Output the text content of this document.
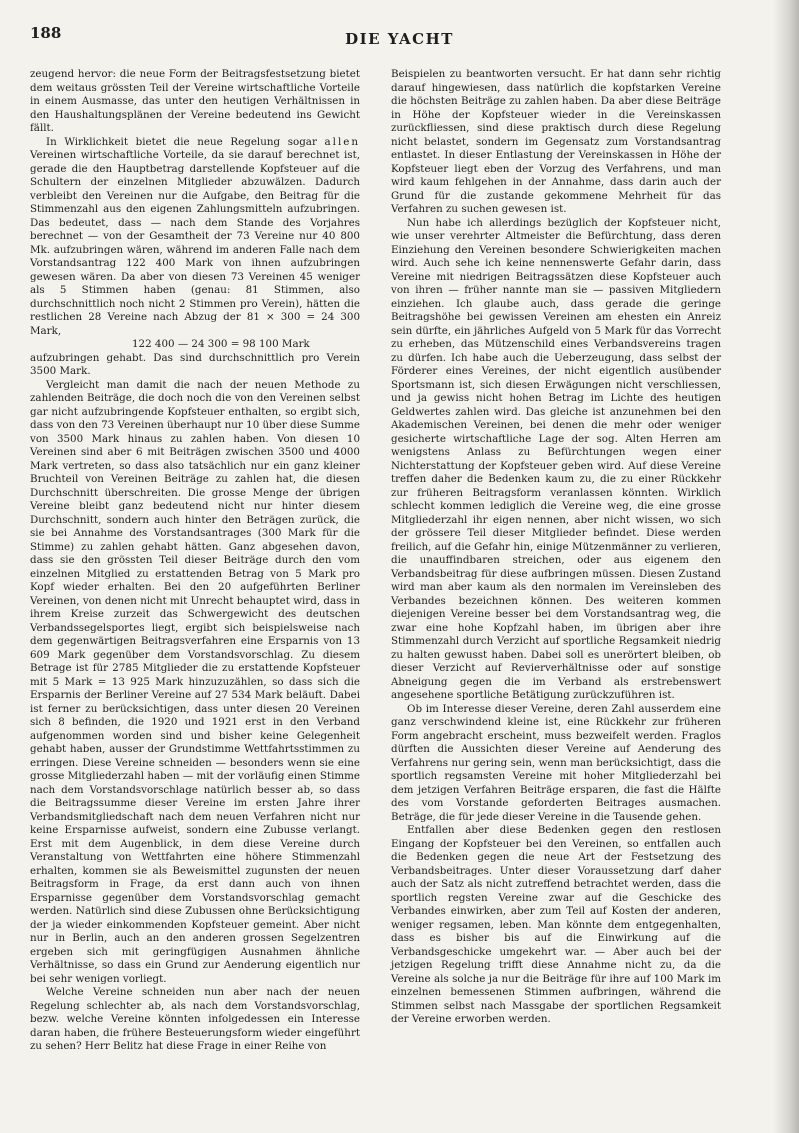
188	DIE YACHT

zeugend hervor: die neue Form der Beitragsfestsetzung bietet dem weitaus grössten Teil der Vereine wirtschaftliche Vorteile in einem Ausmasse, das unter den heutigen Verhältnissen in den Haushaltungsplänen der Vereine bedeutend ins Gewicht fällt.

In Wirklichkeit bietet die neue Regelung sogar allen Vereinen wirtschaftliche Vorteile, da sie darauf berechnet ist, gerade die den Hauptbetrag darstellende Kopfsteuer auf die Schultern der einzelnen Mitglieder abzuwälzen. Dadurch verbleibt den Vereinen nur die Aufgabe, den Beitrag für die Stimmenzahl aus den eigenen Zahlungsmitteln aufzubringen. Das bedeutet, dass — nach dem Stande des Vorjahres berechnet — von der Gesamtheit der 73 Vereine nur 40 800 Mk. aufzubringen wären, während im anderen Falle nach dem Vorstandsantrag 122 400 Mark von ihnen aufzubringen gewesen wären. Da aber von diesen 73 Vereinen 45 weniger als 5 Stimmen haben (genau: 81 Stimmen, also durchschnittlich noch nicht 2 Stimmen pro Verein), hätten die restlichen 28 Vereine nach Abzug der 81 × 300 = 24 300 Mark,

122 400 — 24 300 = 98 100 Mark

aufzubringen gehabt. Das sind durchschnittlich pro Verein 3500 Mark.

Vergleicht man damit die nach der neuen Methode zu zahlenden Beiträge, die doch noch die von den Vereinen selbst gar nicht aufzubringende Kopfsteuer enthalten, so ergibt sich, dass von den 73 Vereinen überhaupt nur 10 über diese Summe von 3500 Mark hinaus zu zahlen haben. Von diesen 10 Vereinen sind aber 6 mit Beiträgen zwischen 3500 und 4000 Mark vertreten, so dass also tatsächlich nur ein ganz kleiner Bruchteil von Vereinen Beiträge zu zahlen hat, die diesen Durchschnitt überschreiten. Die grosse Menge der übrigen Vereine bleibt ganz bedeutend nicht nur hinter diesem Durchschnitt, sondern auch hinter den Beträgen zurück, die sie bei Annahme des Vorstandsantrages (300 Mark für die Stimme) zu zahlen gehabt hätten. Ganz abgesehen davon, dass sie den grössten Teil dieser Beiträge durch den vom einzelnen Mitglied zu erstattenden Betrag von 5 Mark pro Kopf wieder erhalten. Bei den 20 aufgeführten Berliner Vereinen, von denen nicht mit Unrecht behauptet wird, dass in ihrem Kreise zurzeit das Schwergewicht des deutschen Verbandssegelsportes liegt, ergibt sich beispielsweise nach dem gegenwärtigen Beitragsverfahren eine Ersparnis von 13 609 Mark gegenüber dem Vorstandsvorschlag. Zu diesem Betrage ist für 2785 Mitglieder die zu erstattende Kopfsteuer mit 5 Mark = 13 925 Mark hinzuzuzählen, so dass sich die Ersparnis der Berliner Vereine auf 27 534 Mark beläuft. Dabei ist ferner zu berücksichtigen, dass unter diesen 20 Vereinen sich 8 befinden, die 1920 und 1921 erst in den Verband aufgenommen worden sind und bisher keine Gelegenheit gehabt haben, ausser der Grundstimme Wettfahrtsstimmen zu erringen. Diese Vereine schneiden — besonders wenn sie eine grosse Mitgliederzahl haben — mit der vorläufig einen Stimme nach dem Vorstandsvorschlage natürlich besser ab, so dass die Beitragssumme dieser Vereine im ersten Jahre ihrer Verbandsmitgliedschaft nach dem neuen Verfahren nicht nur keine Ersparnisse aufweist, sondern eine Zubusse verlangt. Erst mit dem Augenblick, in dem diese Vereine durch Veranstaltung von Wettfahrten eine höhere Stimmenzahl erhalten, kommen sie als Beweismittel zugunsten der neuen Beitragsform in Frage, da erst dann auch von ihnen Ersparnisse gegenüber dem Vorstandsvorschlag gemacht werden. Natürlich sind diese Zubussen ohne Berücksichtigung der ja wieder einkommenden Kopfsteuer gemeint. Aber nicht nur in Berlin, auch an den anderen grossen Segelzentren ergeben sich mit geringfügigen Ausnahmen ähnliche Verhältnisse, so dass ein Grund zur Aenderung eigentlich nur bei sehr wenigen vorliegt.

Welche Vereine schneiden nun aber nach der neuen Regelung schlechter ab, als nach dem Vorstandsvorschlag, bezw. welche Vereine könnten infolgedessen ein Interesse daran haben, die frühere Besteuerungsform wieder eingeführt zu sehen? Herr Belitz hat diese Frage in einer Reihe von

Beispielen zu beantworten versucht. Er hat dann sehr richtig darauf hingewiesen, dass natürlich die kopfstarken Vereine die höchsten Beiträge zu zahlen haben. Da aber diese Beiträge in Höhe der Kopfsteuer wieder in die Vereinskassen zurückfliessen, sind diese praktisch durch diese Regelung nicht belastet, sondern im Gegensatz zum Vorstandsantrag entlastet. In dieser Entlastung der Vereinskassen in Höhe der Kopfsteuer liegt eben der Vorzug des Verfahrens, und man wird kaum fehlgehen in der Annahme, dass darin auch der Grund für die zustande gekommene Mehrheit für das Verfahren zu suchen gewesen ist.

Nun habe ich allerdings bezüglich der Kopfsteuer nicht, wie unser verehrter Altmeister die Befürchtung, dass deren Einziehung den Vereinen besondere Schwierigkeiten machen wird. Auch sehe ich keine nennenswerte Gefahr darin, dass Vereine mit niedrigen Beitragssätzen diese Kopfsteuer auch von ihren — früher nannte man sie — passiven Mitgliedern einziehen. Ich glaube auch, dass gerade die geringe Beitragshöhe bei gewissen Vereinen am ehesten ein Anreiz sein dürfte, ein jährliches Aufgeld von 5 Mark für das Vorrecht zu erheben, das Mützenschild eines Verbandsvereins tragen zu dürfen. Ich habe auch die Ueberzeugung, dass selbst der Förderer eines Vereines, der nicht eigentlich ausübender Sportsmann ist, sich diesen Erwägungen nicht verschliessen, und ja gewiss nicht hohen Betrag im Lichte des heutigen Geldwertes zahlen wird. Das gleiche ist anzunehmen bei den Akademischen Vereinen, bei denen die mehr oder weniger gesicherte wirtschaftliche Lage der sog. Alten Herren am wenigstens Anlass zu Befürchtungen wegen einer Nichterstattung der Kopfsteuer geben wird. Auf diese Vereine treffen daher die Bedenken kaum zu, die zu einer Rückkehr zur früheren Beitragsform veranlassen könnten. Wirklich schlecht kommen lediglich die Vereine weg, die eine grosse Mitgliederzahl ihr eigen nennen, aber nicht wissen, wo sich der grössere Teil dieser Mitglieder befindet. Diese werden freilich, auf die Gefahr hin, einige Mützenmänner zu verlieren, die unauffindbaren streichen, oder aus eigenem den Verbandsbeitrag für diese aufbringen müssen. Diesen Zustand wird man aber kaum als den normalen im Vereinsleben des Verbandes bezeichnen können. Des weiteren kommen diejenigen Vereine besser bei dem Vorstandsantrag weg, die zwar eine hohe Kopfzahl haben, im übrigen aber ihre Stimmenzahl durch Verzicht auf sportliche Regsamkeit niedrig zu halten gewusst haben. Dabei soll es unerörtert bleiben, ob dieser Verzicht auf Revierverhältnisse oder auf sonstige Abneigung gegen die im Verband als erstrebenswert angesehene sportliche Betätigung zurückzuführen ist.

Ob im Interesse dieser Vereine, deren Zahl ausserdem eine ganz verschwindend kleine ist, eine Rückkehr zur früheren Form angebracht erscheint, muss bezweifelt werden. Fraglos dürften die Aussichten dieser Vereine auf Aenderung des Verfahrens nur gering sein, wenn man berücksichtigt, dass die sportlich regsamsten Vereine mit hoher Mitgliederzahl bei dem jetzigen Verfahren Beiträge ersparen, die fast die Hälfte des vom Vorstande geforderten Beitrages ausmachen. Beträge, die für jede dieser Vereine in die Tausende gehen.

Entfallen aber diese Bedenken gegen den restlosen Eingang der Kopfsteuer bei den Vereinen, so entfallen auch die Bedenken gegen die neue Art der Festsetzung des Verbandsbeitrages. Unter dieser Voraussetzung darf daher auch der Satz als nicht zutreffend betrachtet werden, dass die sportlich regsten Vereine zwar auf die Geschicke des Verbandes einwirken, aber zum Teil auf Kosten der anderen, weniger regsamen, leben. Man könnte dem entgegenhalten, dass es bisher bis auf die Einwirkung auf die Verbandsgeschicke umgekehrt war. — Aber auch bei der jetzigen Regelung trifft diese Annahme nicht zu, da die Vereine als solche ja nur die Beiträge für ihre auf 100 Mark im einzelnen bemessenen Stimmen aufbringen, während die Stimmen selbst nach Massgabe der sportlichen Regsamkeit der Vereine erworben werden.
